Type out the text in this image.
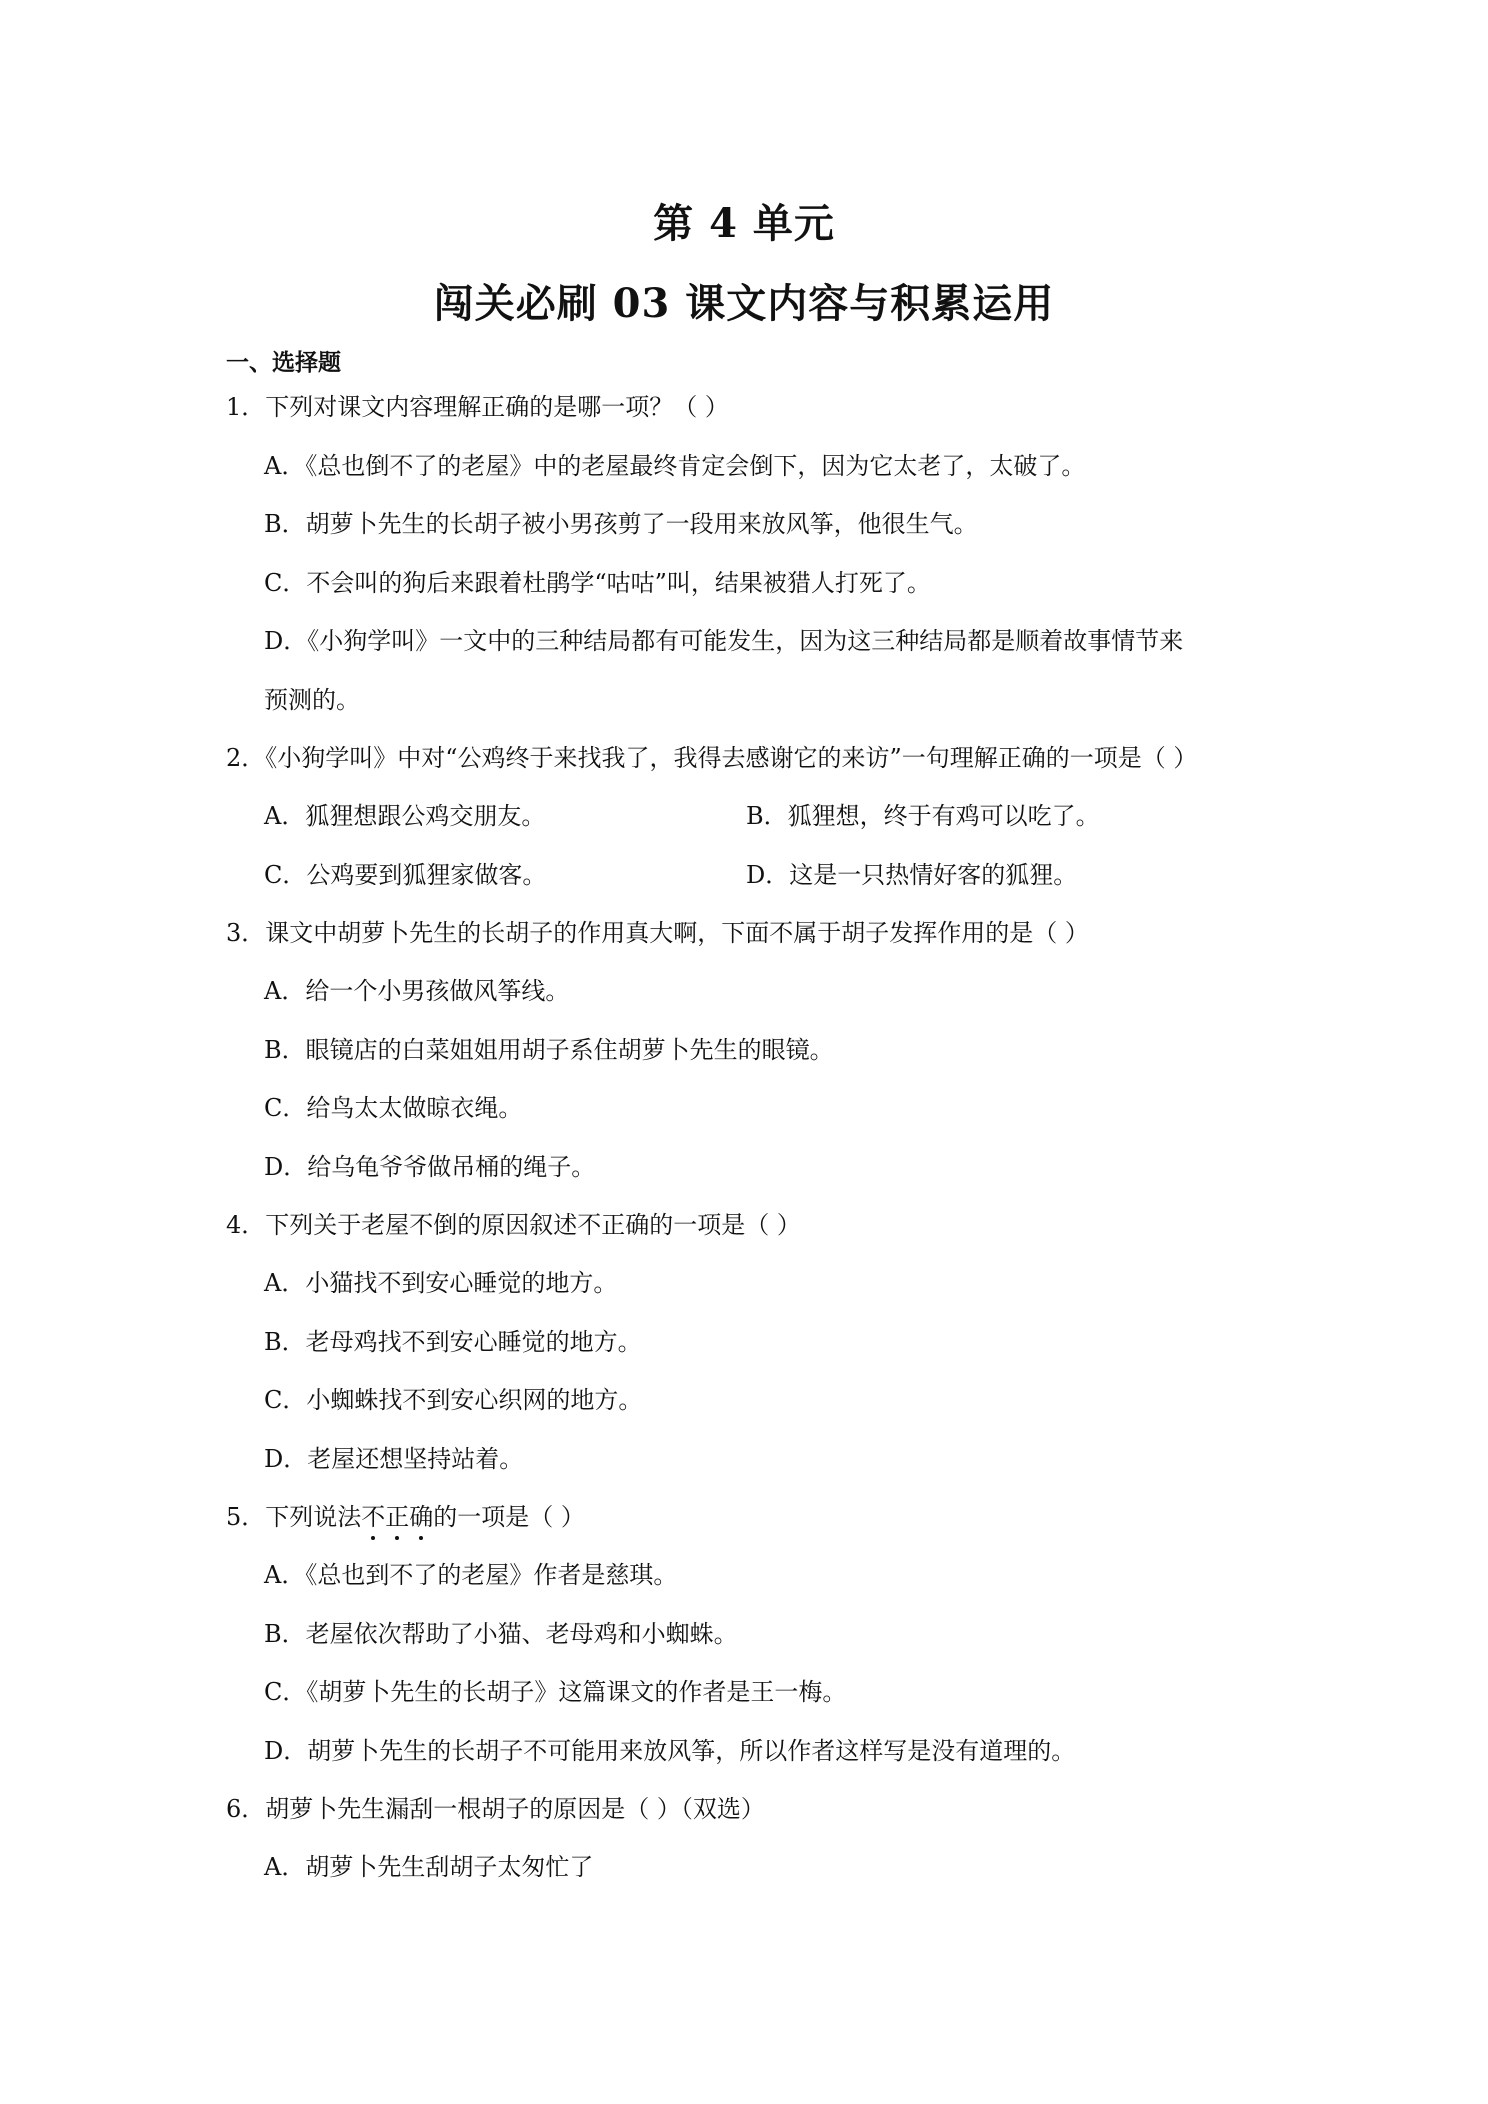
第 4 单元
闯关必刷 03 课文内容与积累运用
一、选择题
1．下列对课文内容理解正确的是哪一项？（ ）
A．《总也倒不了的老屋》中的老屋最终肯定会倒下，因为它太老了，太破了。
B．胡萝卜先生的长胡子被小男孩剪了一段用来放风筝，他很生气。
C．不会叫的狗后来跟着杜鹃学“咕咕”叫，结果被猎人打死了。
D．《小狗学叫》一文中的三种结局都有可能发生，因为这三种结局都是顺着故事情节来
预测的。
2．《小狗学叫》中对“公鸡终于来找我了，我得去感谢它的来访”一句理解正确的一项是（ ）
A．狐狸想跟公鸡交朋友。	B．狐狸想，终于有鸡可以吃了。
C．公鸡要到狐狸家做客。	D．这是一只热情好客的狐狸。
3．课文中胡萝卜先生的长胡子的作用真大啊，下面不属于胡子发挥作用的是（ ）
A．给一个小男孩做风筝线。
B．眼镜店的白菜姐姐用胡子系住胡萝卜先生的眼镜。
C．给鸟太太做晾衣绳。
D．给乌龟爷爷做吊桶的绳子。
4．下列关于老屋不倒的原因叙述不正确的一项是（ ）
A．小猫找不到安心睡觉的地方。
B．老母鸡找不到安心睡觉的地方。
C．小蜘蛛找不到安心织网的地方。
D．老屋还想坚持站着。
5．下列说法不正确的一项是（ ）
A．《总也到不了的老屋》作者是慈琪。
B．老屋依次帮助了小猫、老母鸡和小蜘蛛。
C．《胡萝卜先生的长胡子》这篇课文的作者是王一梅。
D．胡萝卜先生的长胡子不可能用来放风筝，所以作者这样写是没有道理的。
6．胡萝卜先生漏刮一根胡子的原因是（ ）（双选）
A．胡萝卜先生刮胡子太匆忙了
